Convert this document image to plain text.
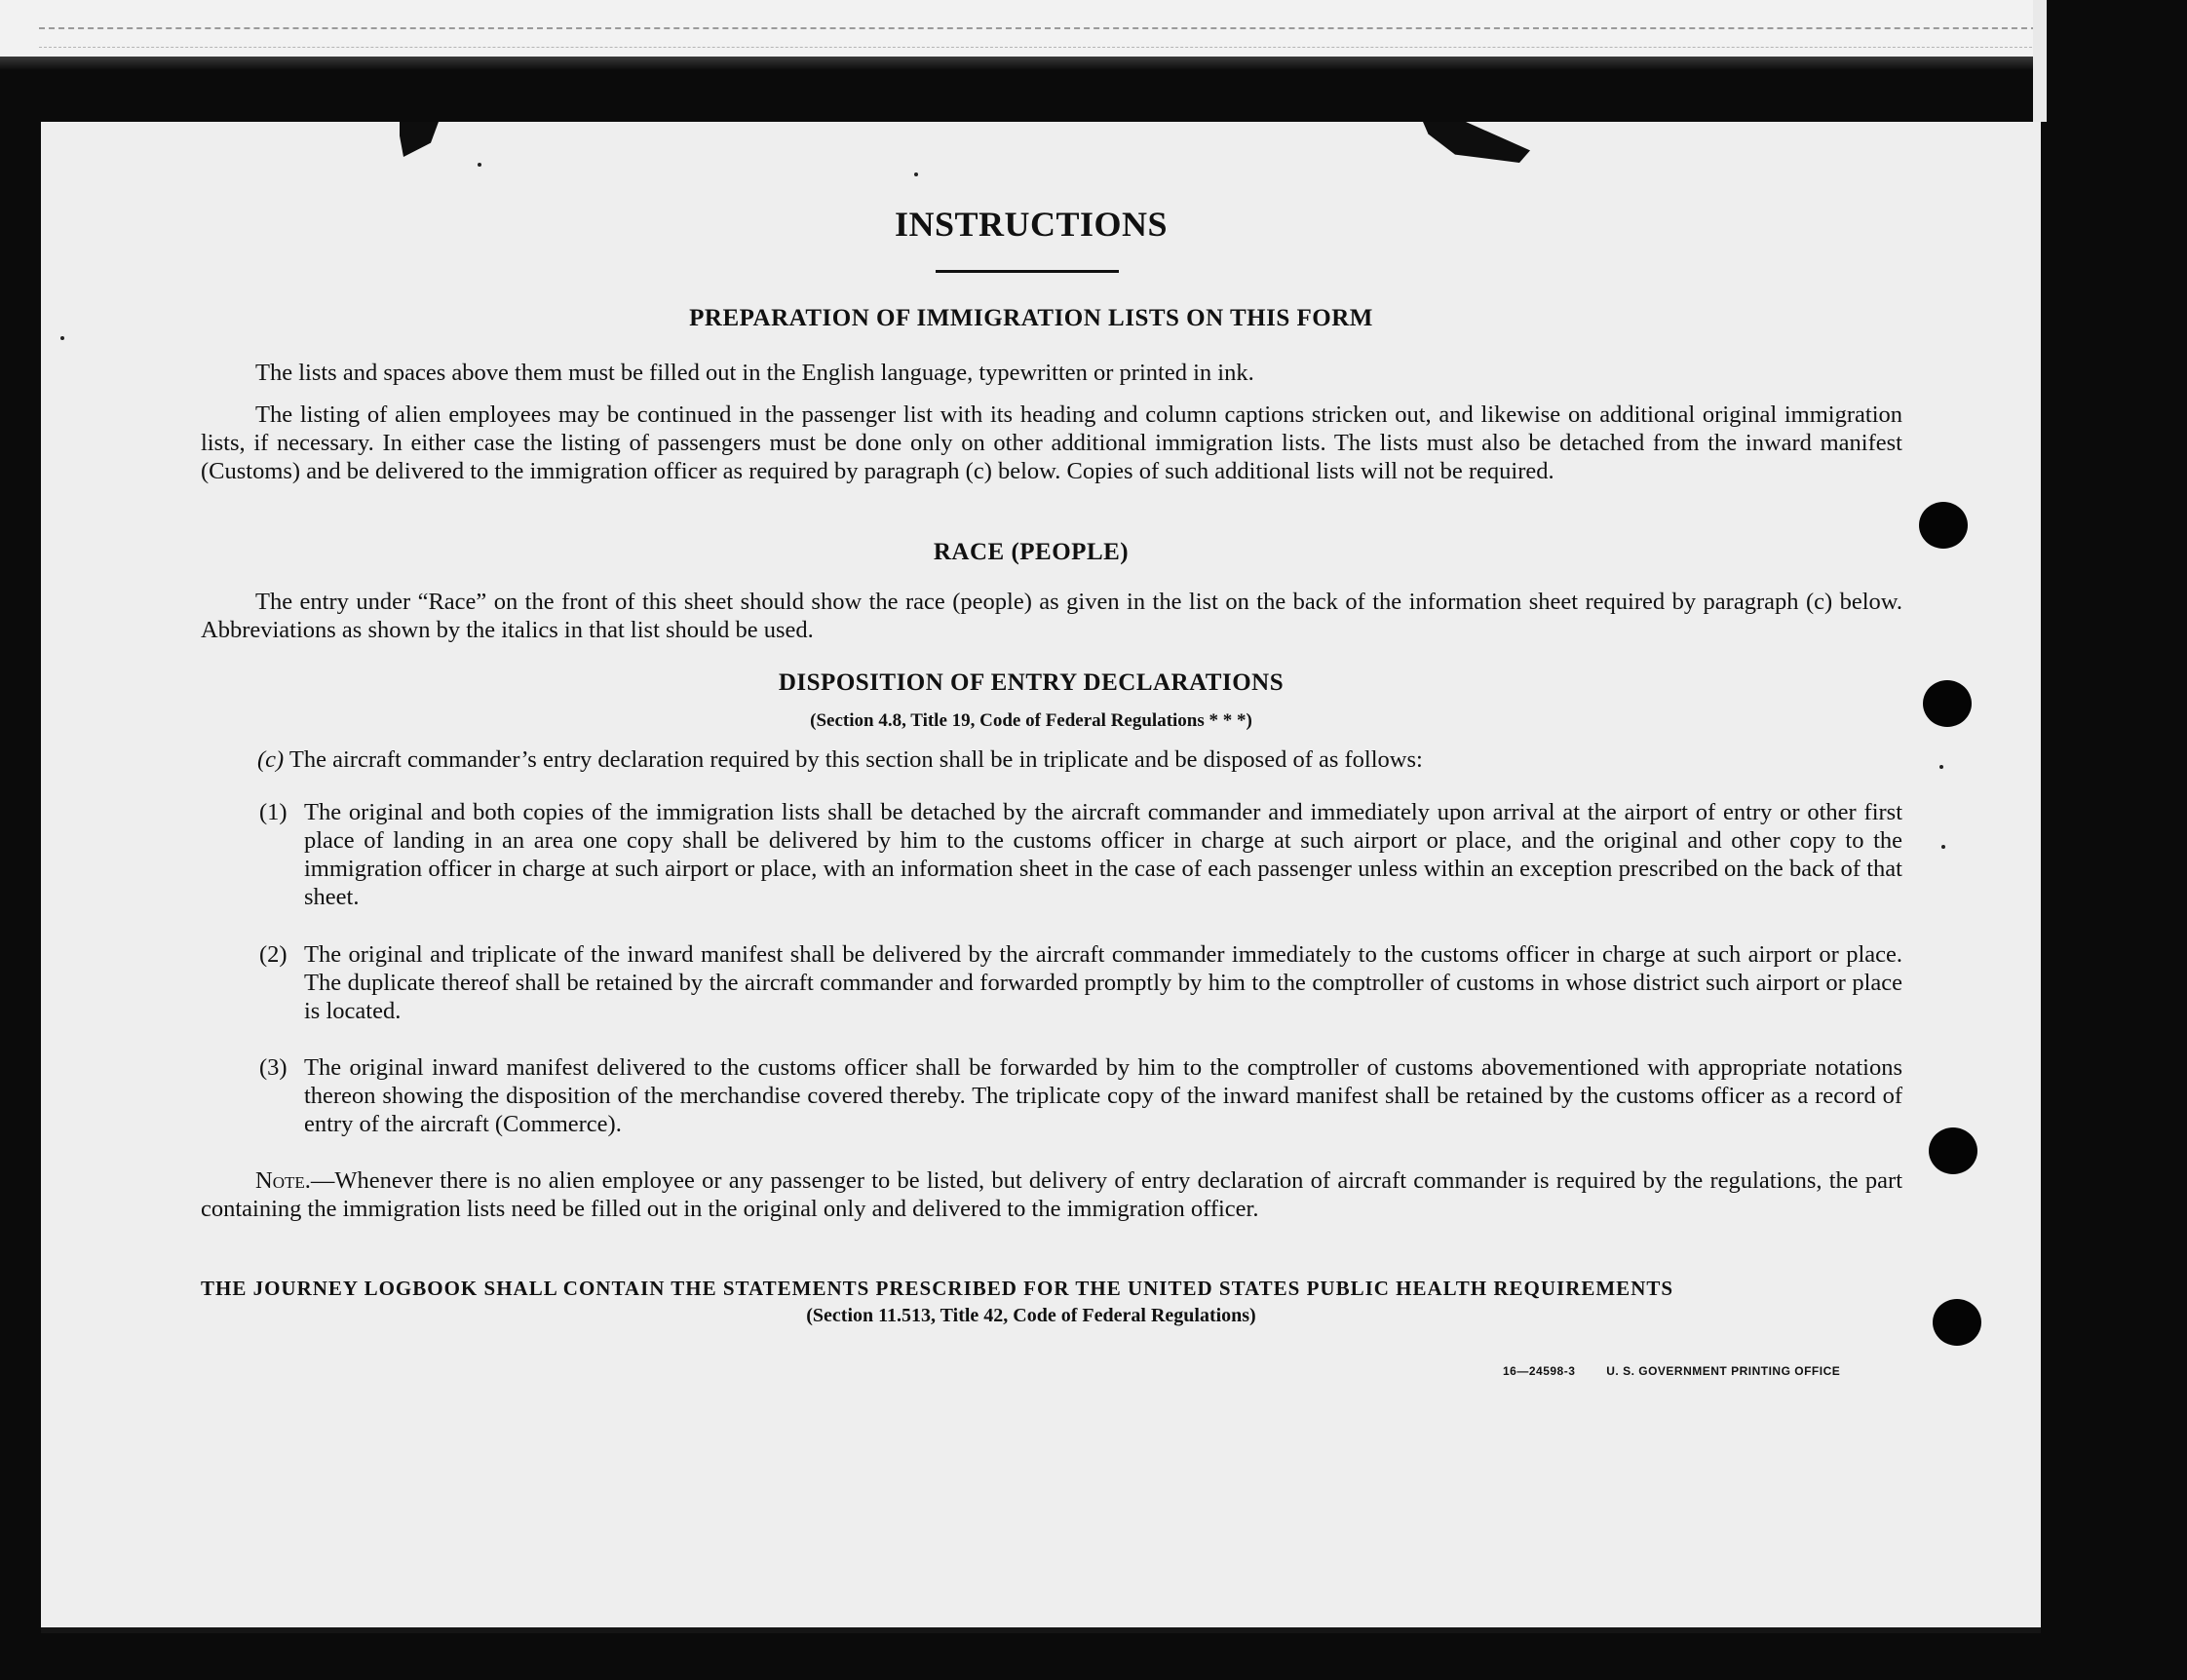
INSTRUCTIONS
PREPARATION OF IMMIGRATION LISTS ON THIS FORM
The lists and spaces above them must be filled out in the English language, typewritten or printed in ink.
The listing of alien employees may be continued in the passenger list with its heading and column captions stricken out, and likewise on additional original immigration lists, if necessary. In either case the listing of passengers must be done only on other additional immigration lists. The lists must also be detached from the inward manifest (Customs) and be delivered to the immigration officer as required by paragraph (c) below. Copies of such additional lists will not be required.
RACE (PEOPLE)
The entry under “Race” on the front of this sheet should show the race (people) as given in the list on the back of the information sheet required by paragraph (c) below. Abbreviations as shown by the italics in that list should be used.
DISPOSITION OF ENTRY DECLARATIONS
(Section 4.8, Title 19, Code of Federal Regulations * * *)
(c) The aircraft commander’s entry declaration required by this section shall be in triplicate and be disposed of as follows:
(1) The original and both copies of the immigration lists shall be detached by the aircraft commander and immediately upon arrival at the airport of entry or other first place of landing in an area one copy shall be delivered by him to the customs officer in charge at such airport or place, and the original and other copy to the immigration officer in charge at such airport or place, with an information sheet in the case of each passenger unless within an exception prescribed on the back of that sheet.
(2) The original and triplicate of the inward manifest shall be delivered by the aircraft commander immediately to the customs officer in charge at such airport or place. The duplicate thereof shall be retained by the aircraft commander and forwarded promptly by him to the comptroller of customs in whose district such airport or place is located.
(3) The original inward manifest delivered to the customs officer shall be forwarded by him to the comptroller of customs abovementioned with appropriate notations thereon showing the disposition of the merchandise covered thereby. The triplicate copy of the inward manifest shall be retained by the customs officer as a record of entry of the aircraft (Commerce).
Note.—Whenever there is no alien employee or any passenger to be listed, but delivery of entry declaration of aircraft commander is required by the regulations, the part containing the immigration lists need be filled out in the original only and delivered to the immigration officer.
THE JOURNEY LOGBOOK SHALL CONTAIN THE STATEMENTS PRESCRIBED FOR THE UNITED STATES PUBLIC HEALTH REQUIREMENTS
(Section 11.513, Title 42, Code of Federal Regulations)
16—24598-3	U. S. GOVERNMENT PRINTING OFFICE
